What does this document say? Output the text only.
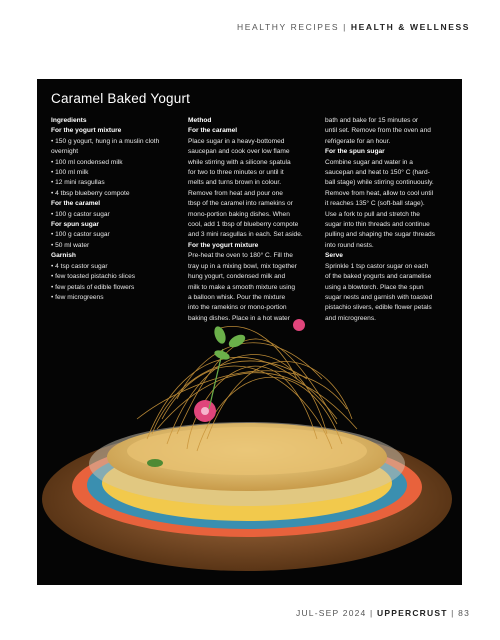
HEALTHY RECIPES | HEALTH & WELLNESS
Caramel Baked Yogurt

Ingredients

For the yogurt mixture

• 150 g yogurt, hung in a muslin cloth

overnight

• 100 ml condensed milk

• 100 ml milk

• 12 mini rasgullas

• 4 tbsp blueberry compote

For the caramel

• 100 g castor sugar

For spun sugar

• 100 g castor sugar

• 50 ml water

Garnish

• 4 tsp castor sugar

• few toasted pistachio slices

• few petals of edible flowers

• few microgreens

Method

For the caramel

Place sugar in a heavy-bottomed

saucepan and cook over low flame

while stirring with a silicone spatula

for two to three minutes or until it

melts and turns brown in colour.

Remove from heat and pour one

tbsp of the caramel into ramekins or

mono-portion baking dishes. When

cool, add 1 tbsp of blueberry compote

and 3 mini rasgullas in each. Set aside.

For the yogurt mixture

Pre-heat the oven to 180° C. Fill the

tray up in a mixing bowl, mix together

hung yogurt, condensed milk and

milk to make a smooth mixture using

a balloon whisk. Pour the mixture

into the ramekins or mono-portion

baking dishes. Place in a hot water

bath and bake for 15 minutes or

until set. Remove from the oven and

refrigerate for an hour.

For the spun sugar

Combine sugar and water in a

saucepan and heat to 150° C (hard-

ball stage) while stirring continuously.

Remove from heat, allow to cool until

it reaches 135° C (soft-ball stage).

Use a fork to pull and stretch the

sugar into thin threads and continue

pulling and shaping the sugar threads

into round nests.

Serve

Sprinkle 1 tsp castor sugar on each

of the baked yogurts and caramelise

using a blowtorch. Place the spun

sugar nests and garnish with toasted

pistachio slivers, edible flower petals

and microgreens.

JUL-SEP 2024 | UPPERCRUST | 83
